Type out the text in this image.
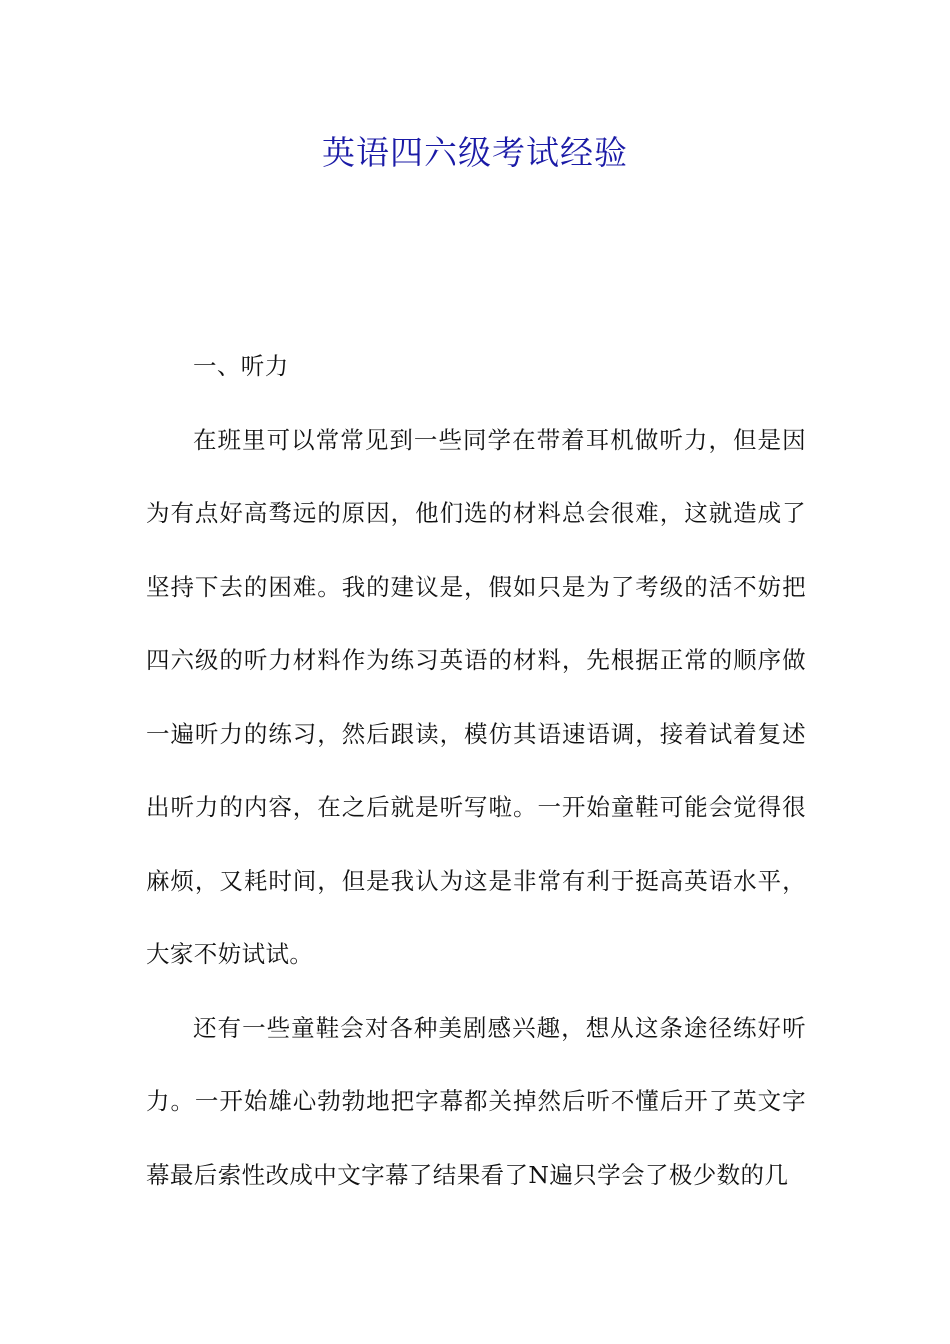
英语四六级考试经验
一、听力

在班里可以常常见到一些同学在带着耳机做听力，但是因为有点好高骛远的原因，他们选的材料总会很难，这就造成了坚持下去的困难。我的建议是，假如只是为了考级的活不妨把四六级的听力材料作为练习英语的材料，先根据正常的顺序做一遍听力的练习，然后跟读，模仿其语速语调，接着试着复述出听力的内容，在之后就是听写啦。一开始童鞋可能会觉得很麻烦，又耗时间，但是我认为这是非常有利于挺高英语水平，大家不妨试试。

还有一些童鞋会对各种美剧感兴趣，想从这条途径练好听力。一开始雄心勃勃地把字幕都关掉然后听不懂后开了英文字幕最后索性改成中文字幕了结果看了N遍只学会了极少数的几
